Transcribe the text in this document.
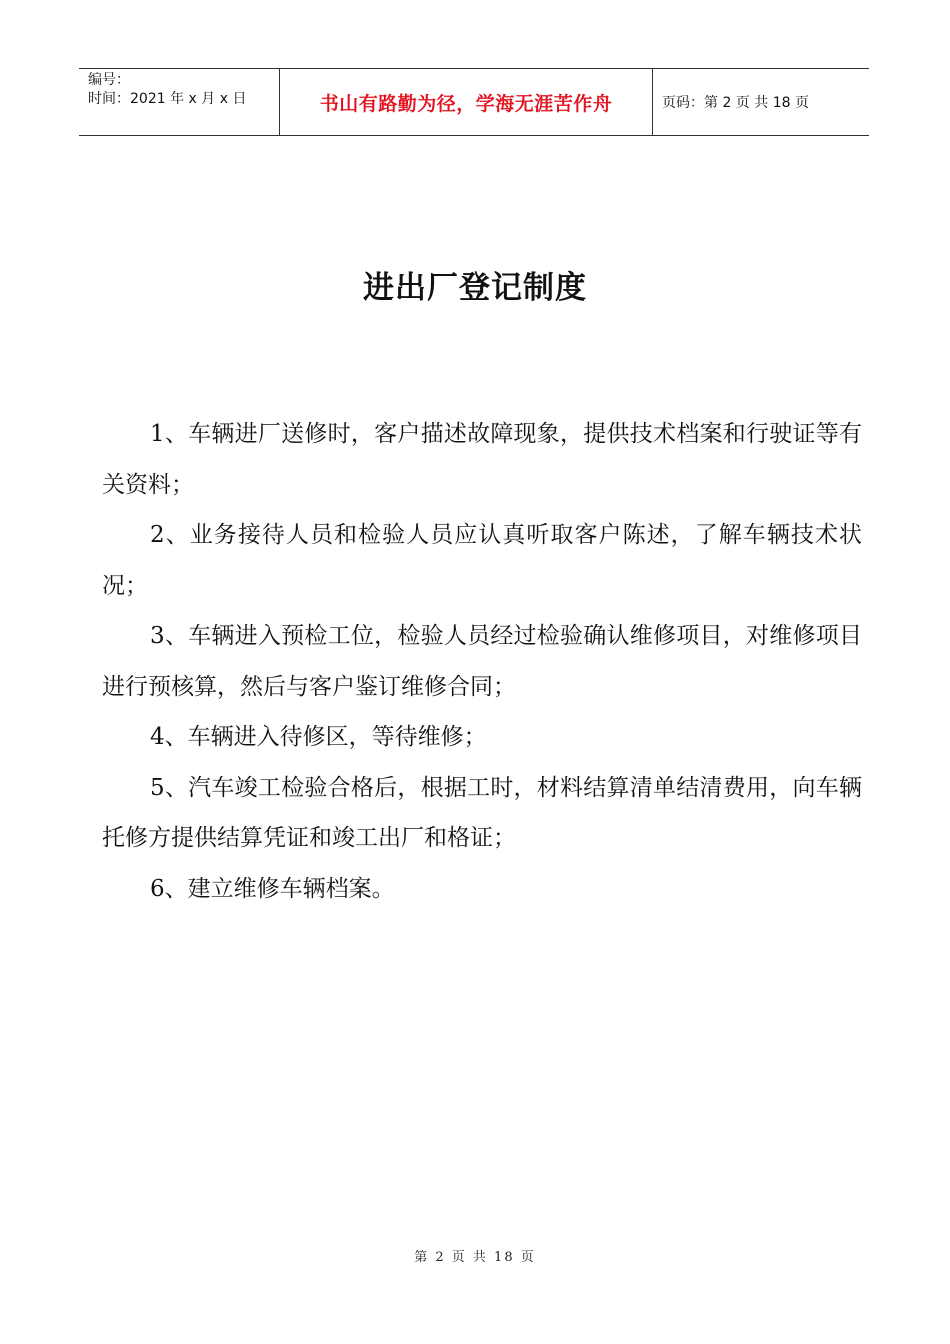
编号：
时间：2021 年 x 月 x 日	书山有路勤为径，学海无涯苦作舟	页码：第 2 页 共 18 页
进出厂登记制度

1、车辆进厂送修时，客户描述故障现象，提供技术档案和行驶证等有关资料；

2、业务接待人员和检验人员应认真听取客户陈述，了解车辆技术状况；

3、车辆进入预检工位，检验人员经过检验确认维修项目，对维修项目进行预核算，然后与客户鉴订维修合同；

4、车辆进入待修区，等待维修；

5、汽车竣工检验合格后，根据工时，材料结算清单结清费用，向车辆托修方提供结算凭证和竣工出厂和格证；

6、建立维修车辆档案。

第 2 页 共 18 页
